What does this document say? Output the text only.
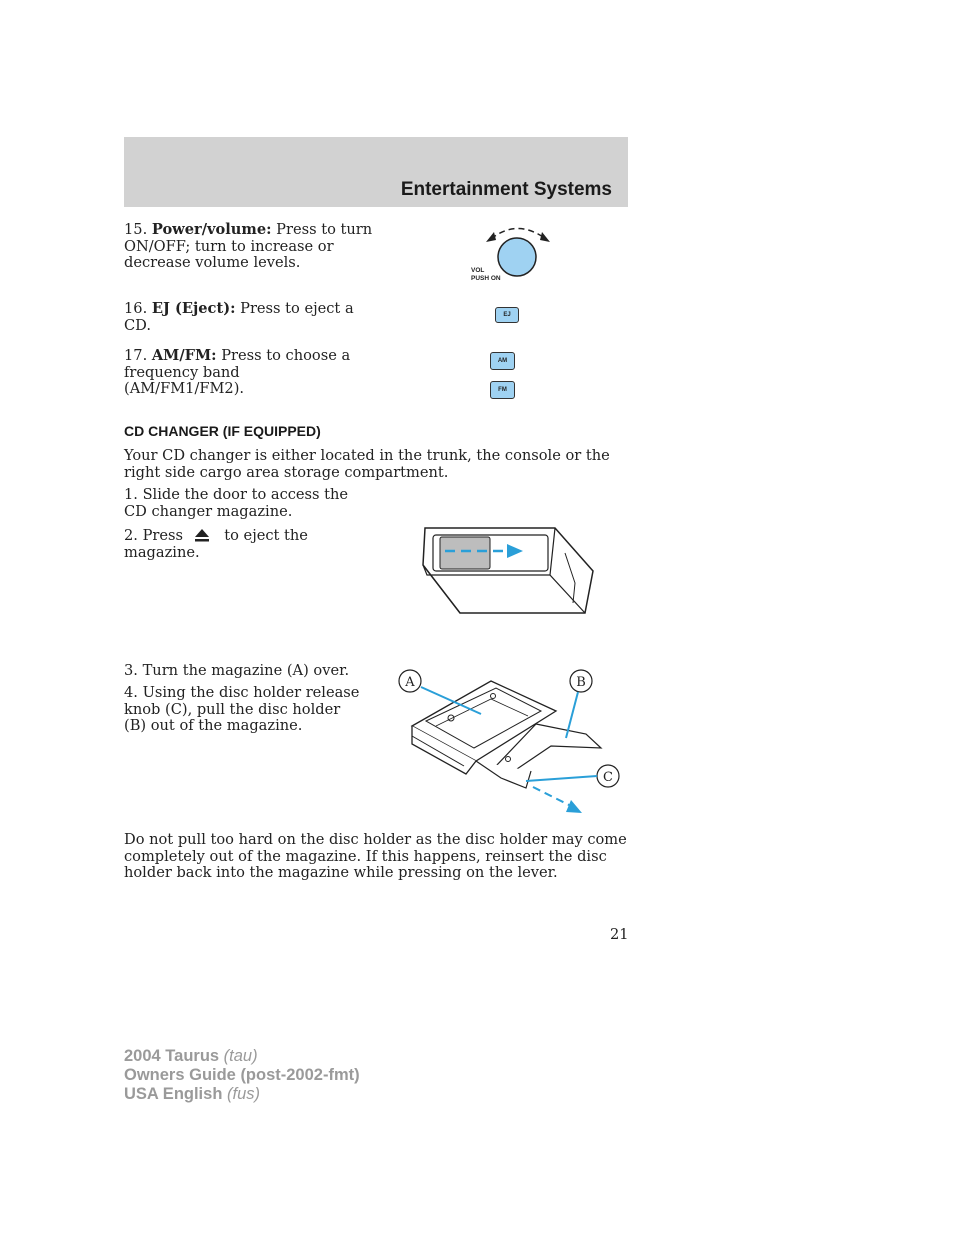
Entertainment Systems
15. Power/volume: Press to turn ON/OFF; turn to increase or decrease volume levels.	VOL
PUSH ON
16. EJ (Eject): Press to eject a CD.
EJ
17. AM/FM: Press to choose a frequency band (AM/FM1/FM2).
AM
FM
CD CHANGER (IF EQUIPPED)
Your CD changer is either located in the trunk, the console or the right side cargo area storage compartment.
1. Slide the door to access the CD changer magazine.
2. Press	to eject the magazine.
3. Turn the magazine (A) over.
4. Using the disc holder release knob (C), pull the disc holder (B) out of the magazine.
A	B
C
Do not pull too hard on the disc holder as the disc holder may come completely out of the magazine. If this happens, reinsert the disc holder back into the magazine while pressing on the lever.
21
2004 Taurus (tau)
Owners Guide (post-2002-fmt)
USA English (fus)
